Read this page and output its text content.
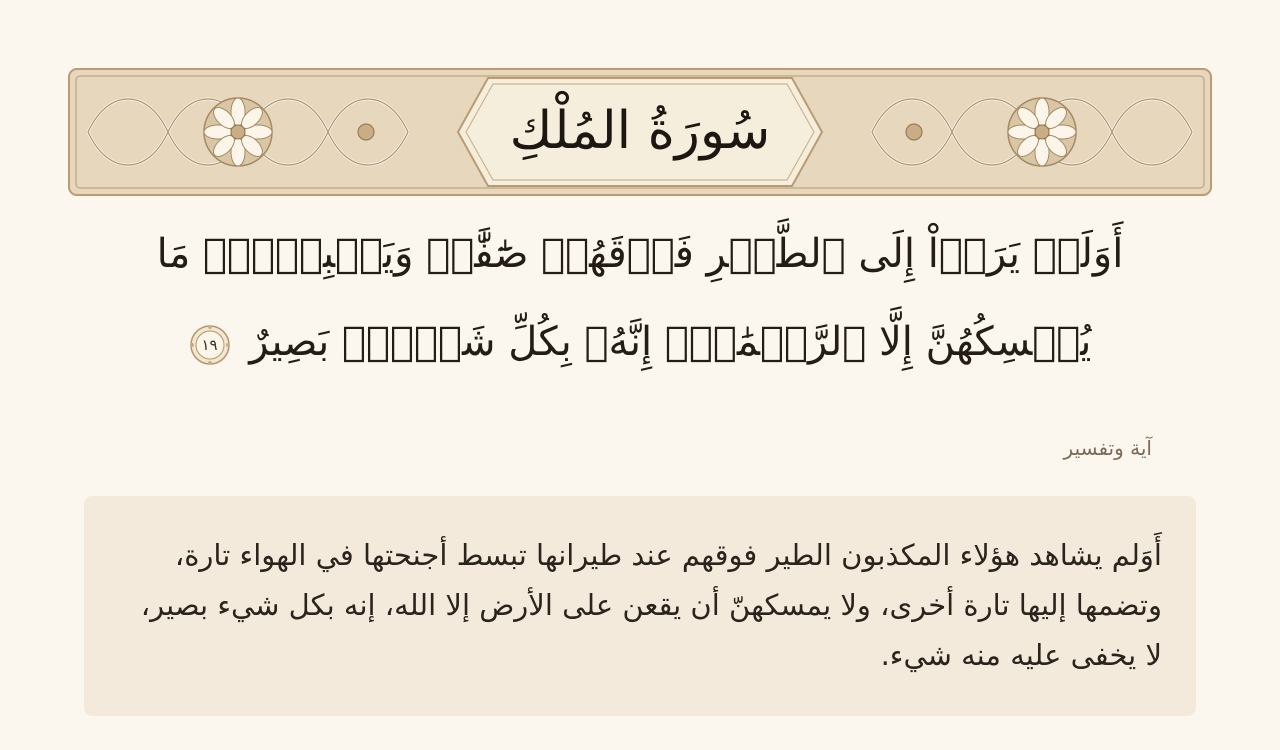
سُورَةُ المُلْكِ
أَوَلَمۡ يَرَوۡاْ إِلَى ٱلطَّيۡرِ فَوۡقَهُمۡ صَٰٓفَّٰتٖ وَيَقۡبِضۡنَۚ مَا يُمۡسِكُهُنَّ إِلَّا ٱلرَّحۡمَٰنُۚ إِنَّهُۥ بِكُلِّ شَيۡءِۭ بَصِيرٌ
١٩
آية وتفسير

أَوَلم يشاهد هؤلاء المكذبون الطير فوقهم عند طيرانها تبسط أجنحتها في الهواء تارة، وتضمها إليها تارة أخرى، ولا يمسكهنّ أن يقعن على الأرض إلا الله، إنه بكل شيء بصير، لا يخفى عليه منه شيء.
